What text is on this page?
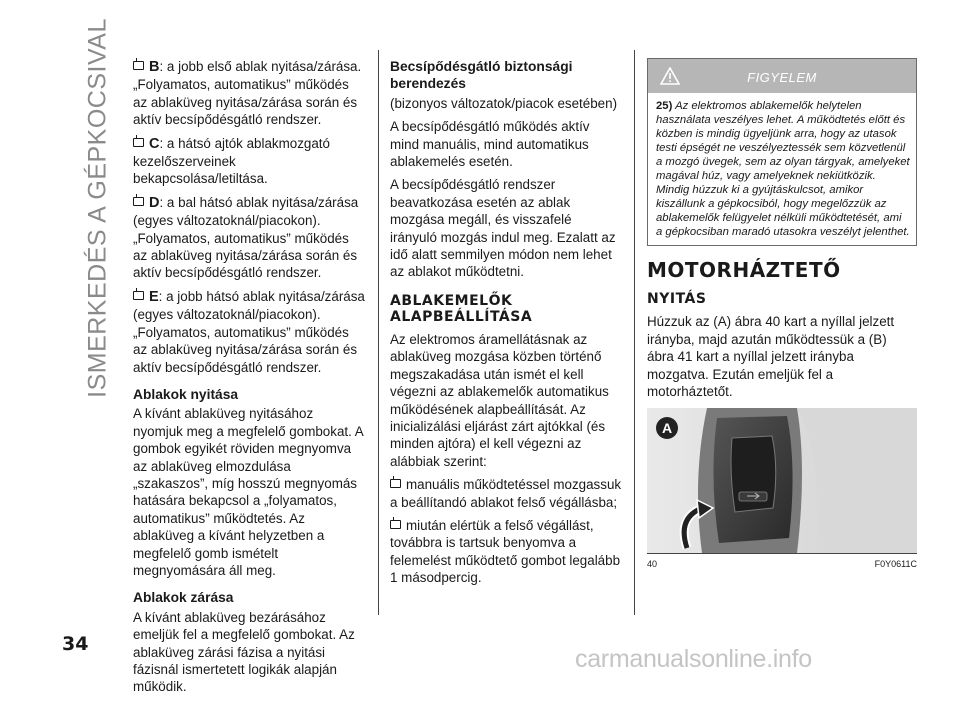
ISMERKEDÉS A GÉPKOCSIVAL	B: a jobb első ablak nyitása/zárása. „Folyamatos, automatikus” működés az ablaküveg nyitása/zárása során és aktív becsípődésgátló rendszer.

C: a hátsó ajtók ablakmozgató kezelőszerveinek bekapcsolása/letiltása.

D: a bal hátsó ablak nyitása/zárása (egyes változatoknál/piacokon). „Folyamatos, automatikus” működés az ablaküveg nyitása/zárása során és aktív becsípődésgátló rendszer.

E: a jobb hátsó ablak nyitása/zárása (egyes változatoknál/piacokon). „Folyamatos, automatikus” működés az ablaküveg nyitása/zárása során és aktív becsípődésgátló rendszer.

Ablakok nyitása

A kívánt ablaküveg nyitásához nyomjuk meg a megfelelő gombokat. A gombok egyikét röviden megnyomva az ablaküveg elmozdulása „szakaszos”, míg hosszú megnyomás hatására bekapcsol a „folyamatos, automatikus” működtetés. Az ablaküveg a kívánt helyzetben a megfelelő gomb ismételt megnyomására áll meg.

Ablakok zárása

A kívánt ablaküveg bezárásához emeljük fel a megfelelő gombokat. Az ablaküveg zárási fázisa a nyitási fázisnál ismertetett logikák alapján működik.

Becsípődésgátló biztonsági berendezés

(bizonyos változatok/piacok esetében)

A becsípődésgátló működés aktív mind manuális, mind automatikus ablakemelés esetén.

A becsípődésgátló rendszer beavatkozása esetén az ablak mozgása megáll, és visszafelé irányuló mozgás indul meg. Ezalatt az idő alatt semmilyen módon nem lehet az ablakot működtetni.

ABLAKEMELŐK ALAPBEÁLLÍTÁSA

Az elektromos áramellátásnak az ablaküveg mozgása közben történő megszakadása után ismét el kell végezni az ablakemelők automatikus működésének alapbeállítását. Az inicializálási eljárást zárt ajtókkal (és minden ajtóra) el kell végezni az alábbiak szerint:

manuális működtetéssel mozgassuk a beállítandó ablakot felső végállásba;

miután elértük a felső végállást, továbbra is tartsuk benyomva a felemelést működtető gombot legalább 1 másodpercig.

FIGYELEM
25) Az elektromos ablakemelők helytelen használata veszélyes lehet. A működtetés előtt és közben is mindig ügyeljünk arra, hogy az utasok testi épségét ne veszélyeztessék sem közvetlenül a mozgó üvegek, sem az olyan tárgyak, amelyeket magával húz, vagy amelyeknek nekiütközik. Mindig húzzuk ki a gyújtáskulcsot, amikor kiszállunk a gépkocsiból, hogy megelőzzük az ablakemelők felügyelet nélküli működtetését, ami a gépkocsiban maradó utasokra veszélyt jelenthet.
MOTORHÁZTETŐ
NYITÁS

Húzzuk az (A) ábra 40 kart a nyíllal jelzett irányba, majd azután működtessük a (B) ábra 41 kart a nyíllal jelzett irányba mozgatva. Ezután emeljük fel a motorháztetőt.

A
40	F0Y0611C
34
carmanualsonline.info
